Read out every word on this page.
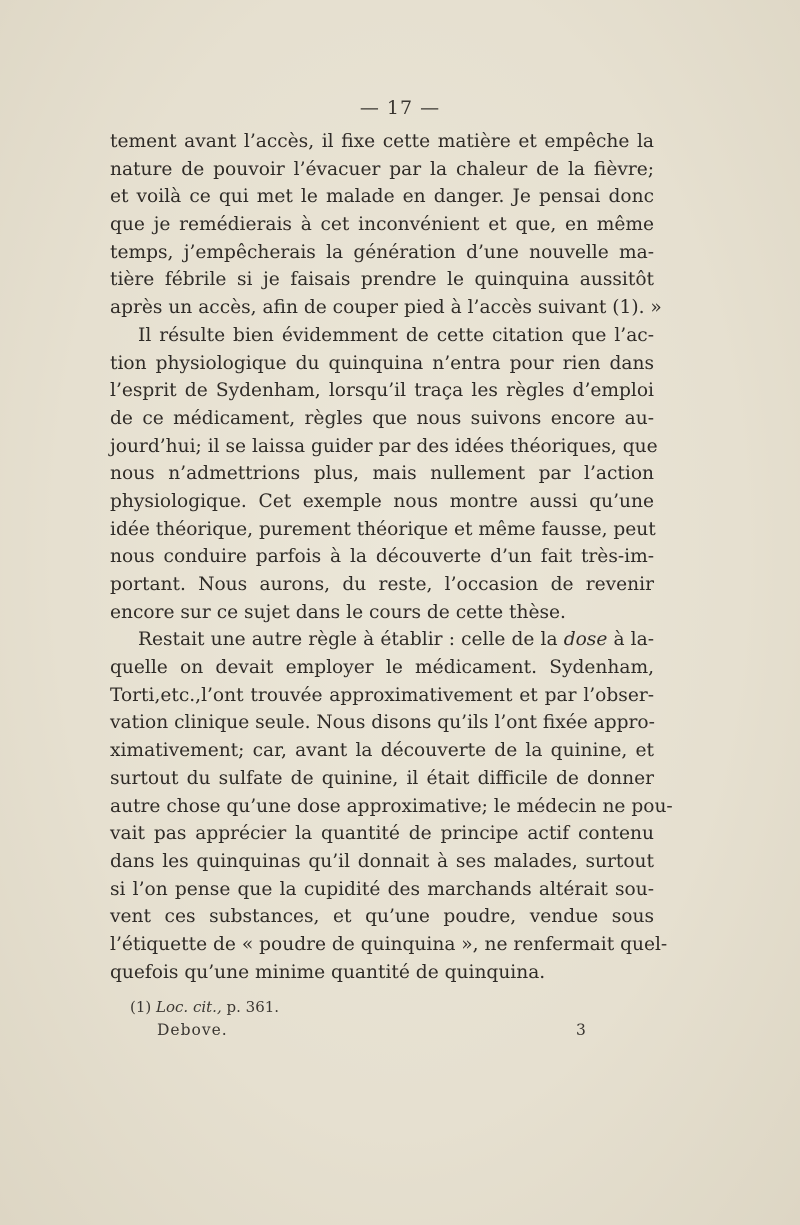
— 17 —
tement avant l’accès, il fixe cette matière et empêche la
nature de pouvoir l’évacuer par la chaleur de la fièvre;
et voilà ce qui met le malade en danger. Je pensai donc
que je remédierais à cet inconvénient et que, en même
temps, j’empêcherais la génération d’une nouvelle ma-
tière fébrile si je faisais prendre le quinquina aussitôt
après un accès, afin de couper pied à l’accès suivant (1). »
Il résulte bien évidemment de cette citation que l’ac-
tion physiologique du quinquina n’entra pour rien dans
l’esprit de Sydenham, lorsqu’il traça les règles d’emploi
de ce médicament, règles que nous suivons encore au-
jourd’hui; il se laissa guider par des idées théoriques, que
nous n’admettrions plus, mais nullement par l’action
physiologique. Cet exemple nous montre aussi qu’une
idée théorique, purement théorique et même fausse, peut
nous conduire parfois à la découverte d’un fait très-im-
portant. Nous aurons, du reste, l’occasion de revenir
encore sur ce sujet dans le cours de cette thèse.
Restait une autre règle à établir : celle de la dose à la-
quelle on devait employer le médicament. Sydenham,
Torti,etc.,l’ont trouvée approximativement et par l’obser-
vation clinique seule. Nous disons qu’ils l’ont fixée appro-
ximativement; car, avant la découverte de la quinine, et
surtout du sulfate de quinine, il était difficile de donner
autre chose qu’une dose approximative; le médecin ne pou-
vait pas apprécier la quantité de principe actif contenu
dans les quinquinas qu’il donnait à ses malades, surtout
si l’on pense que la cupidité des marchands altérait sou-
vent ces substances, et qu’une poudre, vendue sous
l’étiquette de « poudre de quinquina », ne renfermait quel-
quefois qu’une minime quantité de quinquina.
(1) Loc. cit., p. 361.
Debove.	3
